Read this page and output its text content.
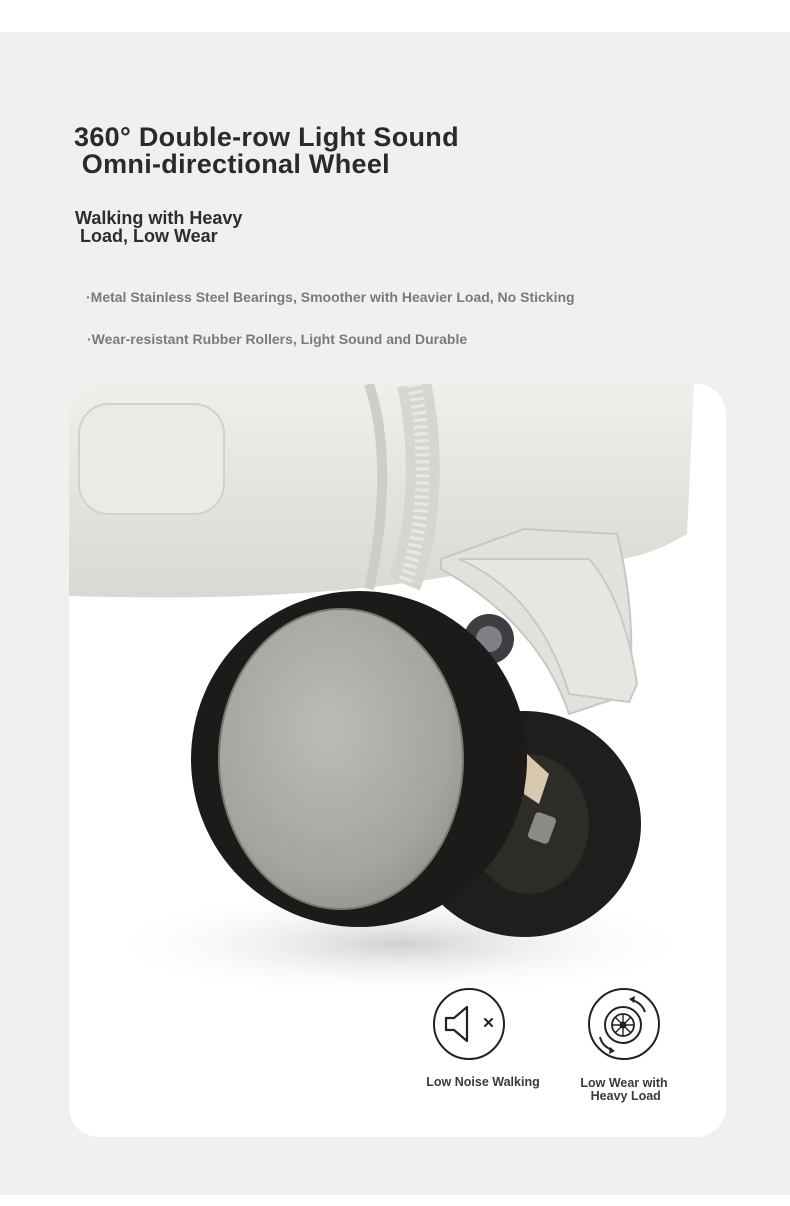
360° Double-row Light Sound
Omni-directional Wheel
Walking with Heavy
Load, Low Wear
·Metal Stainless Steel Bearings, Smoother with Heavier Load, No Sticking
·Wear-resistant Rubber Rollers, Light Sound and Durable
Low Noise Walking	Low Wear with
Heavy Load
